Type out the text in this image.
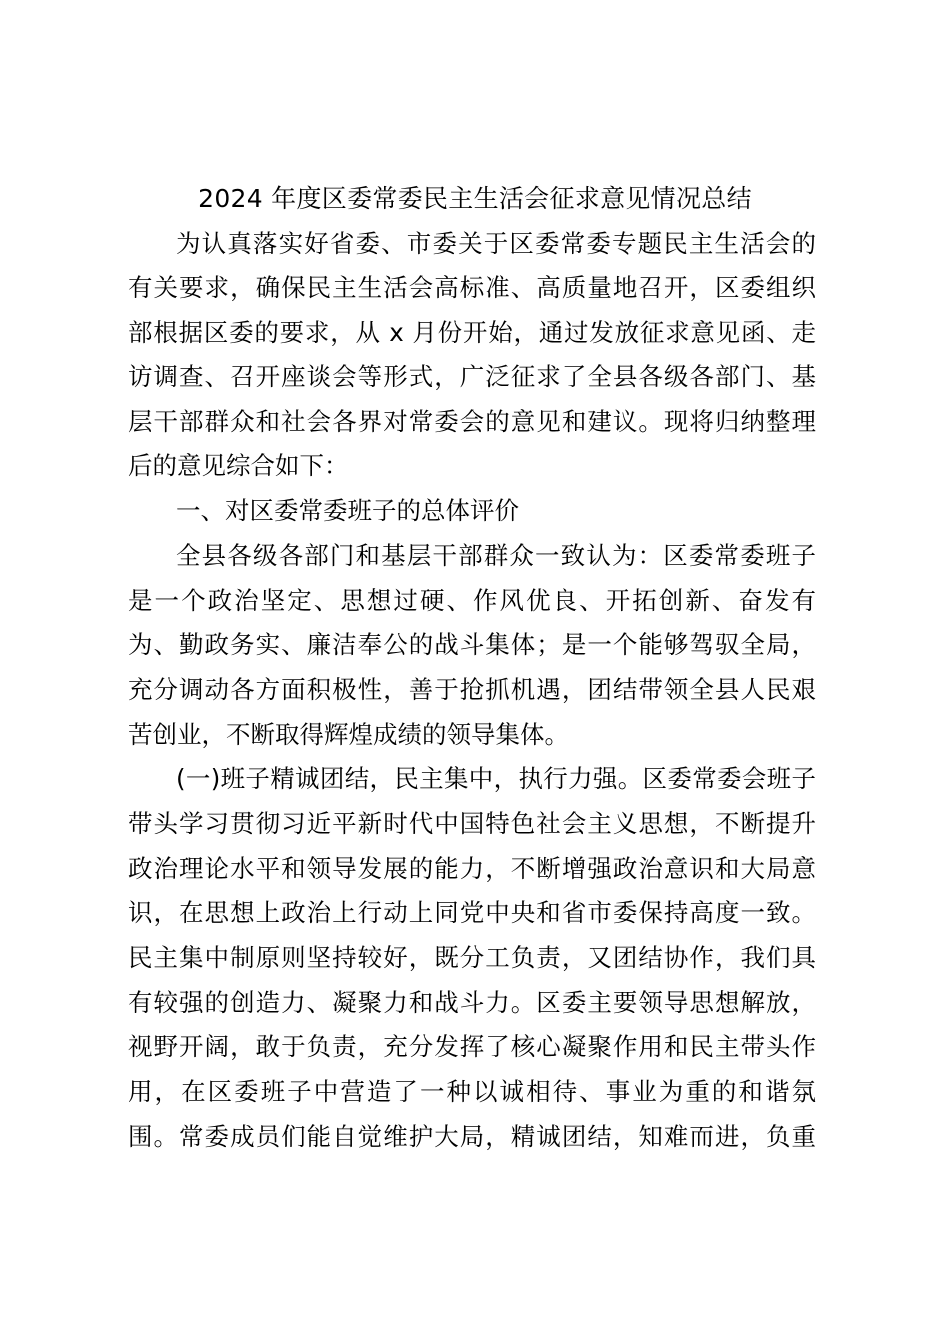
2024 年度区委常委民主生活会征求意见情况总结
为认真落实好省委、市委关于区委常委专题民主生活会的
有关要求，确保民主生活会高标准、高质量地召开，区委组织
部根据区委的要求，从 x 月份开始，通过发放征求意见函、走
访调查、召开座谈会等形式，广泛征求了全县各级各部门、基
层干部群众和社会各界对常委会的意见和建议。现将归纳整理
后的意见综合如下：
一、对区委常委班子的总体评价
全县各级各部门和基层干部群众一致认为：区委常委班子
是一个政治坚定、思想过硬、作风优良、开拓创新、奋发有
为、勤政务实、廉洁奉公的战斗集体；是一个能够驾驭全局，
充分调动各方面积极性，善于抢抓机遇，团结带领全县人民艰
苦创业，不断取得辉煌成绩的领导集体。
(一)班子精诚团结，民主集中，执行力强。区委常委会班子
带头学习贯彻习近平新时代中国特色社会主义思想，不断提升
政治理论水平和领导发展的能力，不断增强政治意识和大局意
识，在思想上政治上行动上同党中央和省市委保持高度一致。
民主集中制原则坚持较好，既分工负责，又团结协作，我们具
有较强的创造力、凝聚力和战斗力。区委主要领导思想解放，
视野开阔，敢于负责，充分发挥了核心凝聚作用和民主带头作
用，在区委班子中营造了一种以诚相待、事业为重的和谐氛
围。常委成员们能自觉维护大局，精诚团结，知难而进，负重
